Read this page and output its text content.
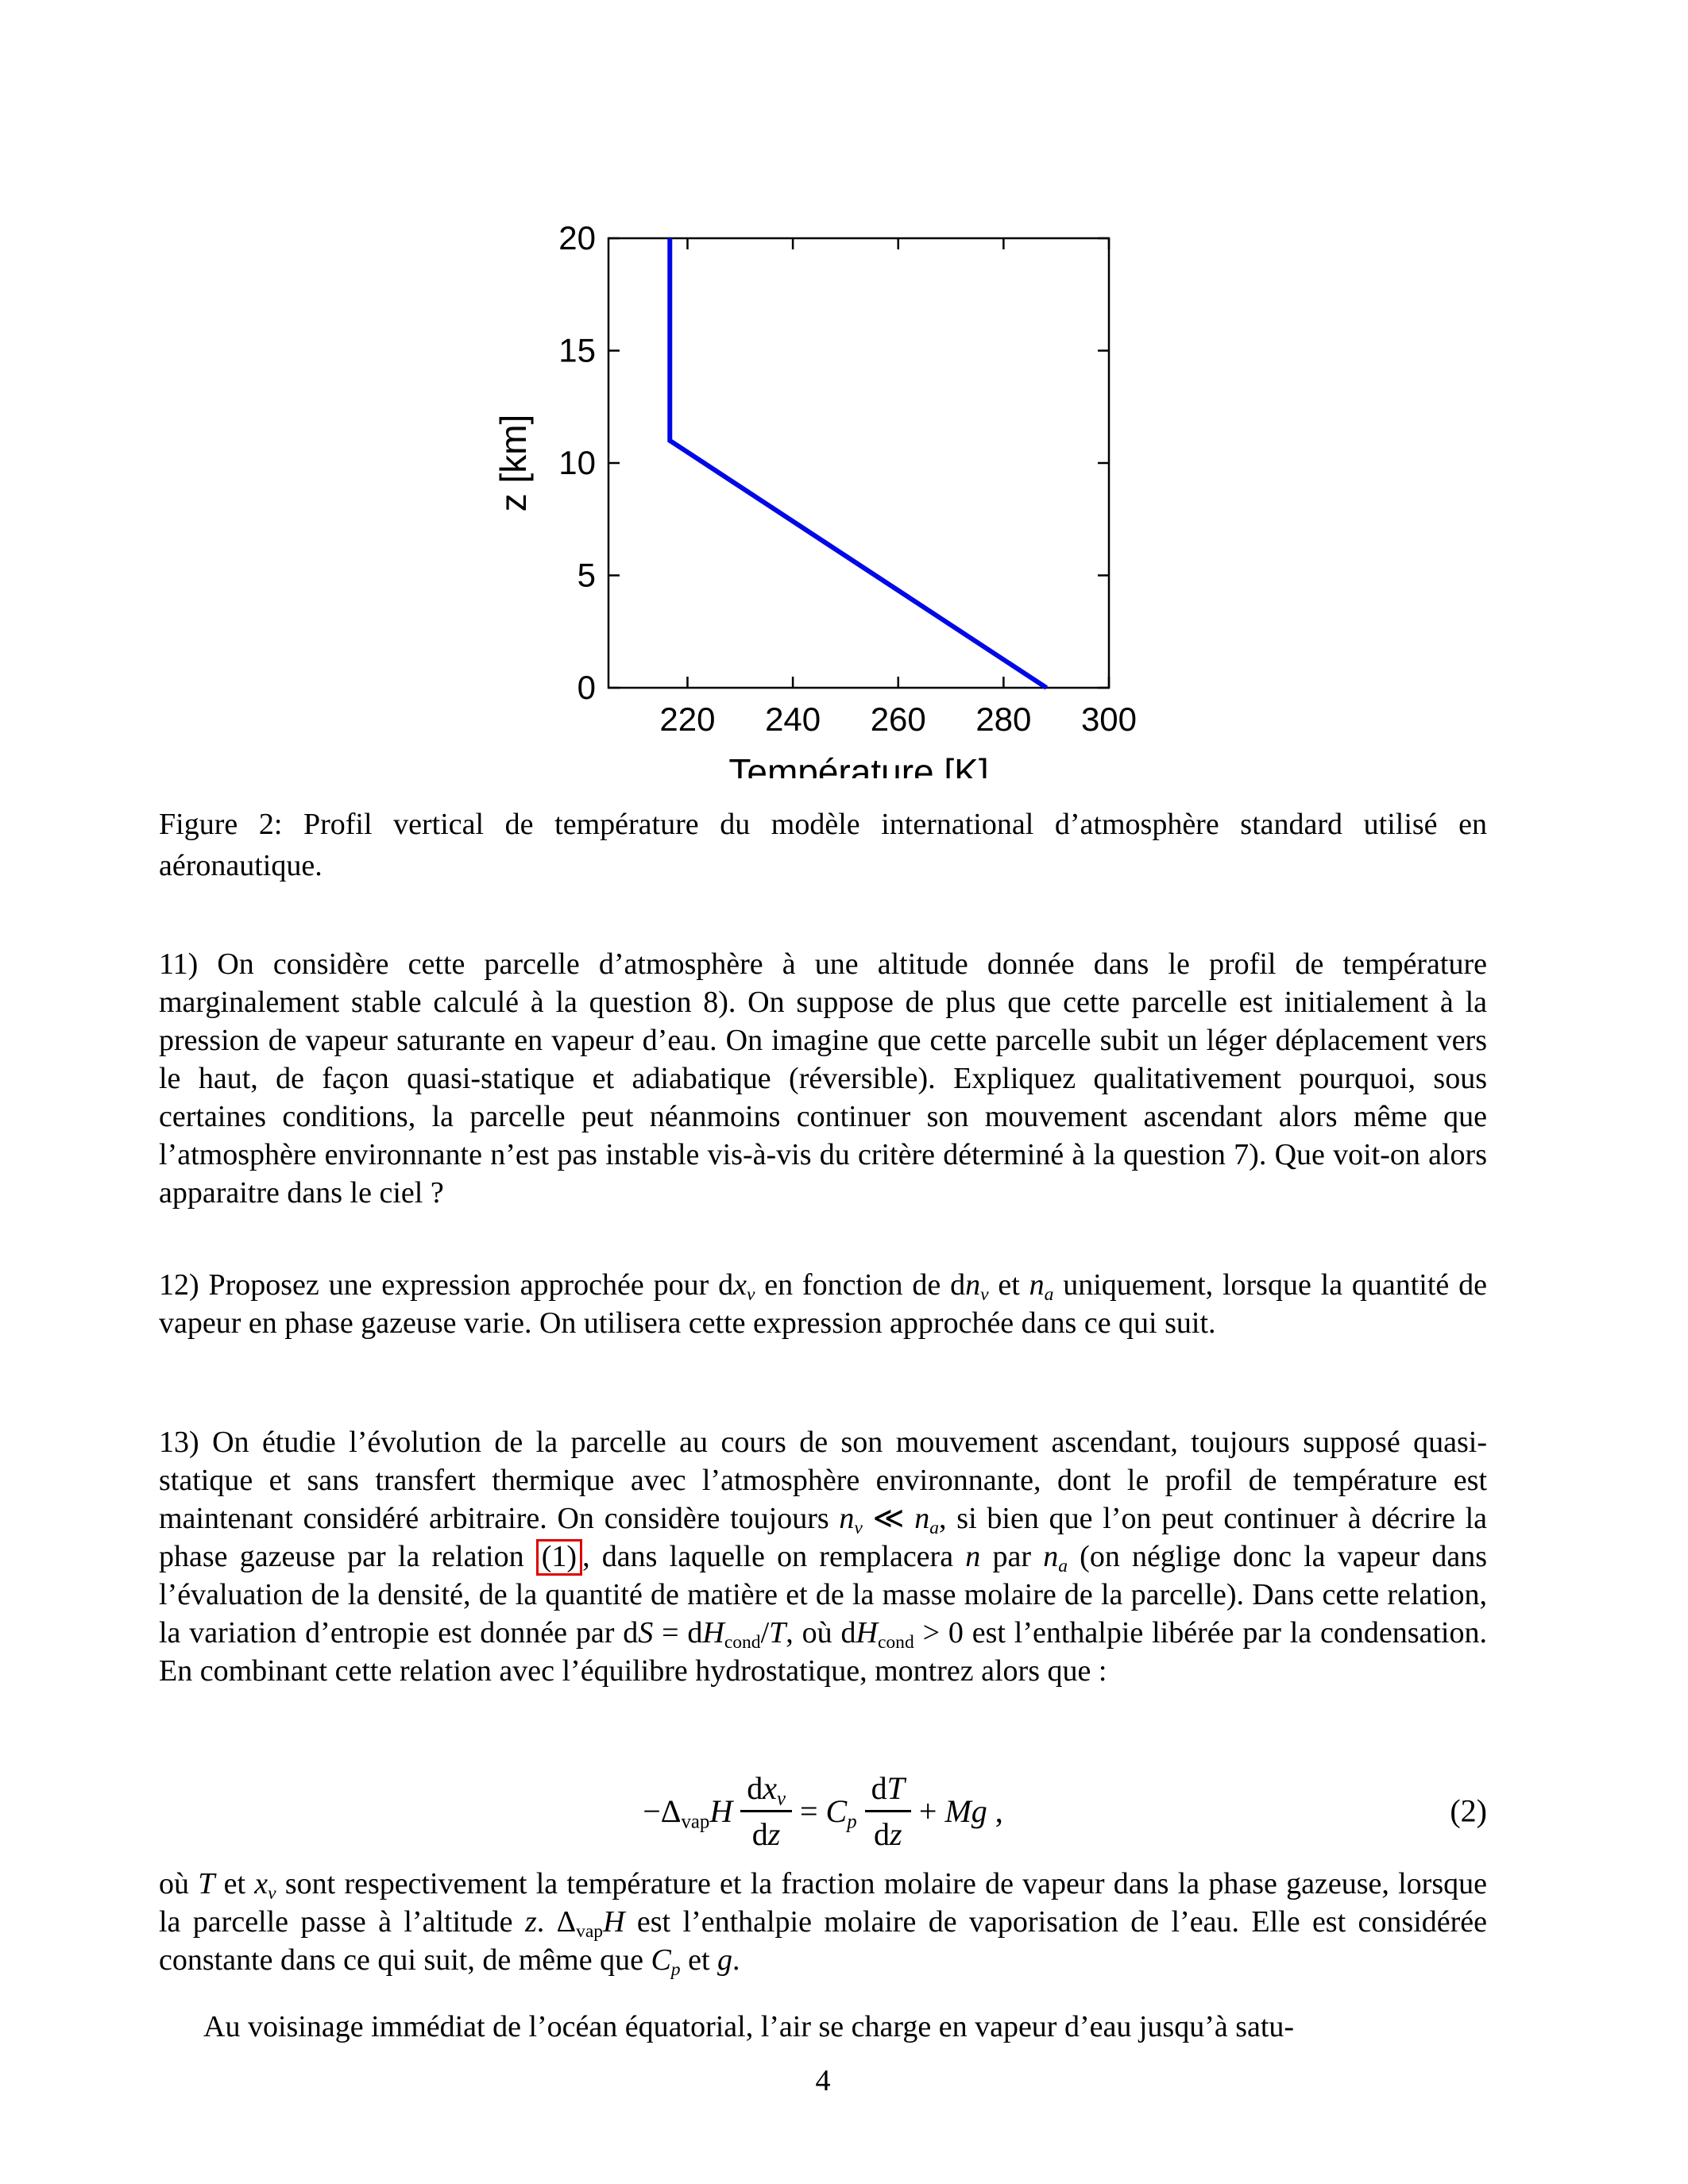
220 240 260 280 300
0
5
10
15
20
Température [K]
z [km]
Figure 2: Profil vertical de température du modèle international d’atmosphère standard utilisé en aéronautique.
11) On considère cette parcelle d’atmosphère à une altitude donnée dans le profil de température marginalement stable calculé à la question 8). On suppose de plus que cette parcelle est initialement à la pression de vapeur saturante en vapeur d’eau. On imagine que cette parcelle subit un léger déplacement vers le haut, de façon quasi-statique et adiabatique (réversible). Expliquez qualitativement pourquoi, sous certaines conditions, la parcelle peut néanmoins continuer son mouvement ascendant alors même que l’atmosphère environnante n’est pas instable vis-à-vis du critère déterminé à la question 7). Que voit-on alors apparaitre dans le ciel ?
12) Proposez une expression approchée pour $dx_v$ en fonction de $dn_v$ et $n_a$ uniquement, lorsque la quantité de vapeur en phase gazeuse varie. On utilisera cette expression approchée dans ce qui suit.
13) On étudie l’évolution de la parcelle au cours de son mouvement ascendant, toujours supposé quasi-statique et sans transfert thermique avec l’atmosphère environnante, dont le profil de température est maintenant considéré arbitraire. On considère toujours $n_v$ ≪ $n_a$, si bien que l’on peut continuer à décrire la phase gazeuse par la relation (1) , dans laquelle on remplacera n par $n_a$ (on néglige donc la vapeur dans l’évaluation de la densité, de la quantité de matière et de la masse molaire de la parcelle). Dans cette relation, la variation d’entropie est donnée par dS = $dH_{cond}/T$, où $dH_{cond} > 0$ est l’enthalpie libérée par la condensation. En combinant cette relation avec l’équilibre hydrostatique, montrez alors que :
$-\Delta_{vap}H \frac{dx_v}{dz} = C_p \frac{dT}{dz} + Mg$ ,	(2)
où T et $x_v$ sont respectivement la température et la fraction molaire de vapeur dans la phase gazeuse, lorsque la parcelle passe à l’altitude z. $\Delta_{vap}H$ est l’enthalpie molaire de vaporisation de l’eau. Elle est considérée constante dans ce qui suit, de même que $C_p$ et g.
Au voisinage immédiat de l’océan équatorial, l’air se charge en vapeur d’eau jusqu’à satu-
4
